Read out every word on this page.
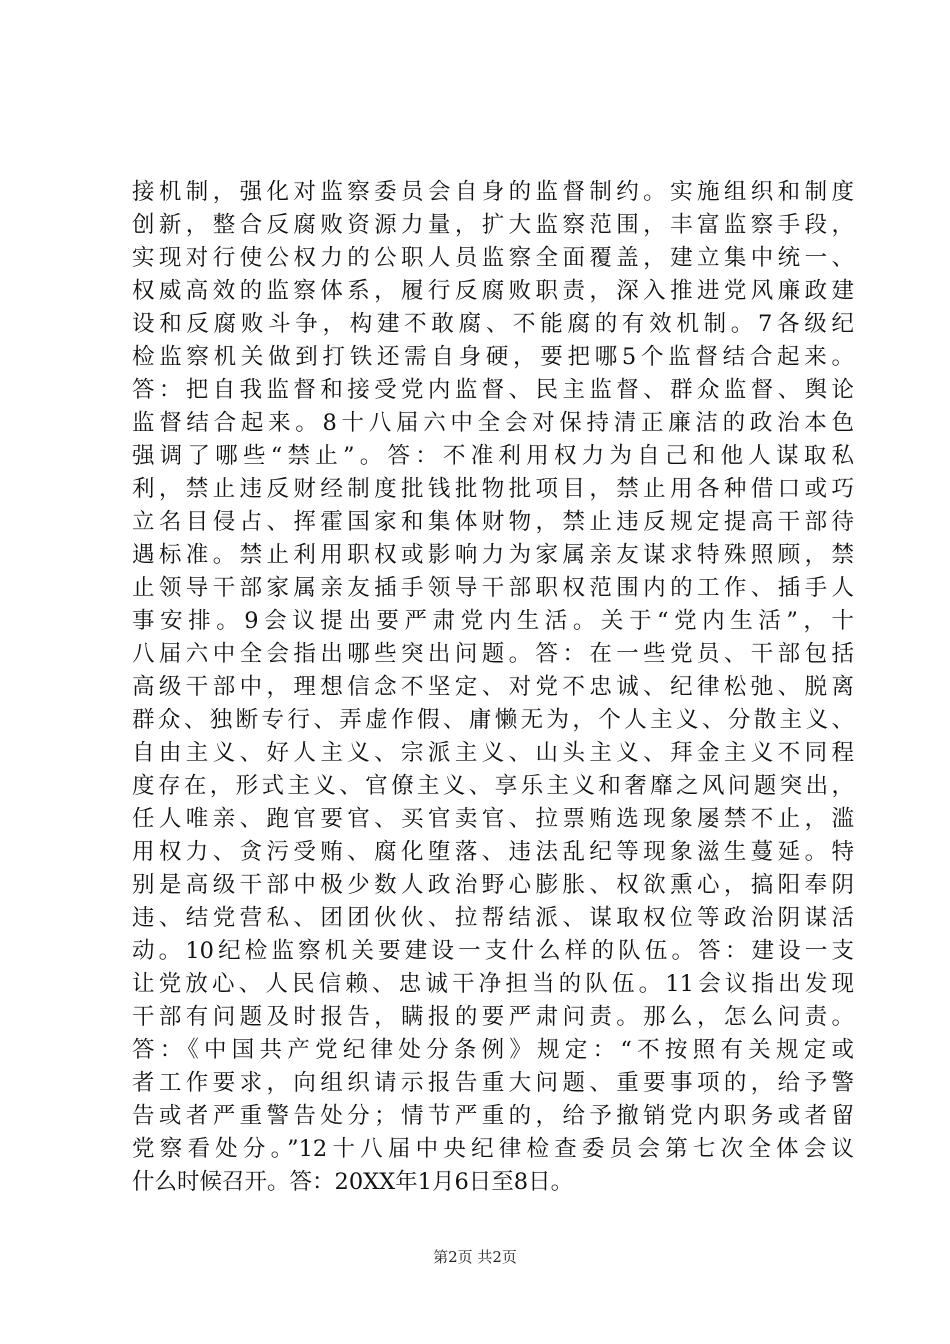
接机制，强化对监察委员会自身的监督制约。实施组织和制度
创新，整合反腐败资源力量，扩大监察范围，丰富监察手段，
实现对行使公权力的公职人员监察全面覆盖，建立集中统一、
权威高效的监察体系，履行反腐败职责，深入推进党风廉政建
设和反腐败斗争，构建不敢腐、不能腐的有效机制。7各级纪
检监察机关做到打铁还需自身硬，要把哪5个监督结合起来。
答：把自我监督和接受党内监督、民主监督、群众监督、舆论
监督结合起来。8十八届六中全会对保持清正廉洁的政治本色
强调了哪些“禁止”。答：不准利用权力为自己和他人谋取私
利，禁止违反财经制度批钱批物批项目，禁止用各种借口或巧
立名目侵占、挥霍国家和集体财物，禁止违反规定提高干部待
遇标准。禁止利用职权或影响力为家属亲友谋求特殊照顾，禁
止领导干部家属亲友插手领导干部职权范围内的工作、插手人
事安排。9会议提出要严肃党内生活。关于“党内生活”，十
八届六中全会指出哪些突出问题。答：在一些党员、干部包括
高级干部中，理想信念不坚定、对党不忠诚、纪律松弛、脱离
群众、独断专行、弄虚作假、庸懒无为，个人主义、分散主义、
自由主义、好人主义、宗派主义、山头主义、拜金主义不同程
度存在，形式主义、官僚主义、享乐主义和奢靡之风问题突出，
任人唯亲、跑官要官、买官卖官、拉票贿选现象屡禁不止，滥
用权力、贪污受贿、腐化堕落、违法乱纪等现象滋生蔓延。特
别是高级干部中极少数人政治野心膨胀、权欲熏心，搞阳奉阴
违、结党营私、团团伙伙、拉帮结派、谋取权位等政治阴谋活
动。10纪检监察机关要建设一支什么样的队伍。答：建设一支
让党放心、人民信赖、忠诚干净担当的队伍。11会议指出发现
干部有问题及时报告，瞒报的要严肃问责。那么，怎么问责。
答：《中国共产党纪律处分条例》规定：“不按照有关规定或
者工作要求，向组织请示报告重大问题、重要事项的，给予警
告或者严重警告处分；情节严重的，给予撤销党内职务或者留
党察看处分。”12十八届中央纪律检查委员会第七次全体会议
什么时候召开。答：20XX年1月6日至8日。
第2页 共2页
